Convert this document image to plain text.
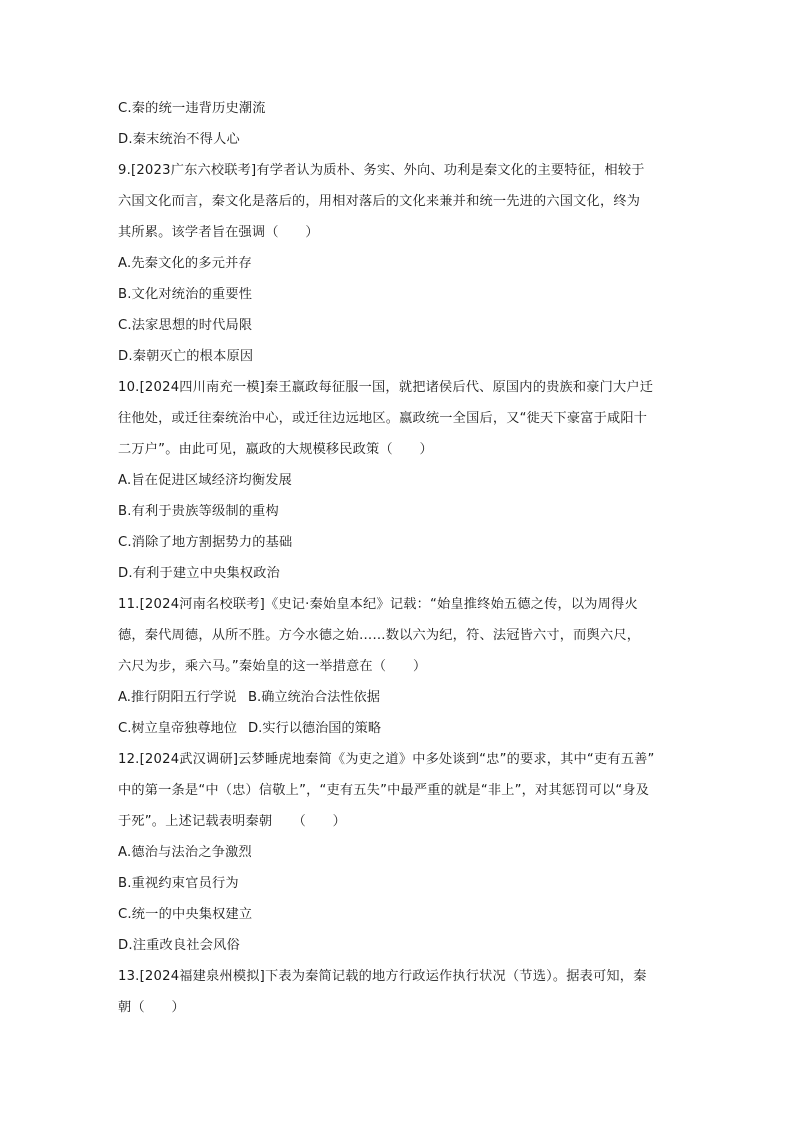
C.秦的统一违背历史潮流
D.秦末统治不得人心
9.[2023广东六校联考]有学者认为质朴、务实、外向、功利是秦文化的主要特征，相较于
六国文化而言，秦文化是落后的，用相对落后的文化来兼并和统一先进的六国文化，终为
其所累。该学者旨在强调（　　）
A.先秦文化的多元并存
B.文化对统治的重要性
C.法家思想的时代局限
D.秦朝灭亡的根本原因
10.[2024四川南充一模]秦王嬴政每征服一国，就把诸侯后代、原国内的贵族和豪门大户迁
往他处，或迁往秦统治中心，或迁往边远地区。嬴政统一全国后，又“徙天下豪富于咸阳十
二万户”。由此可见，嬴政的大规模移民政策（　　）
A.旨在促进区域经济均衡发展
B.有利于贵族等级制的重构
C.消除了地方割据势力的基础
D.有利于建立中央集权政治
11.[2024河南名校联考]《史记·秦始皇本纪》记载：“始皇推终始五德之传，以为周得火
德，秦代周德，从所不胜。方今水德之始……数以六为纪，符、法冠皆六寸，而舆六尺，
六尺为步，乘六马。”秦始皇的这一举措意在（　　）
A.推行阴阳五行学说 B.确立统治合法性依据
C.树立皇帝独尊地位 D.实行以德治国的策略
12.[2024武汉调研]云梦睡虎地秦简《为吏之道》中多处谈到“忠”的要求，其中“吏有五善”
中的第一条是“中（忠）信敬上”，“吏有五失”中最严重的就是“非上”，对其惩罚可以“身及
于死”。上述记载表明秦朝　　（　　）
A.德治与法治之争激烈
B.重视约束官员行为
C.统一的中央集权建立
D.注重改良社会风俗
13.[2024福建泉州模拟]下表为秦简记载的地方行政运作执行状况（节选）。据表可知，秦
朝（　　）
